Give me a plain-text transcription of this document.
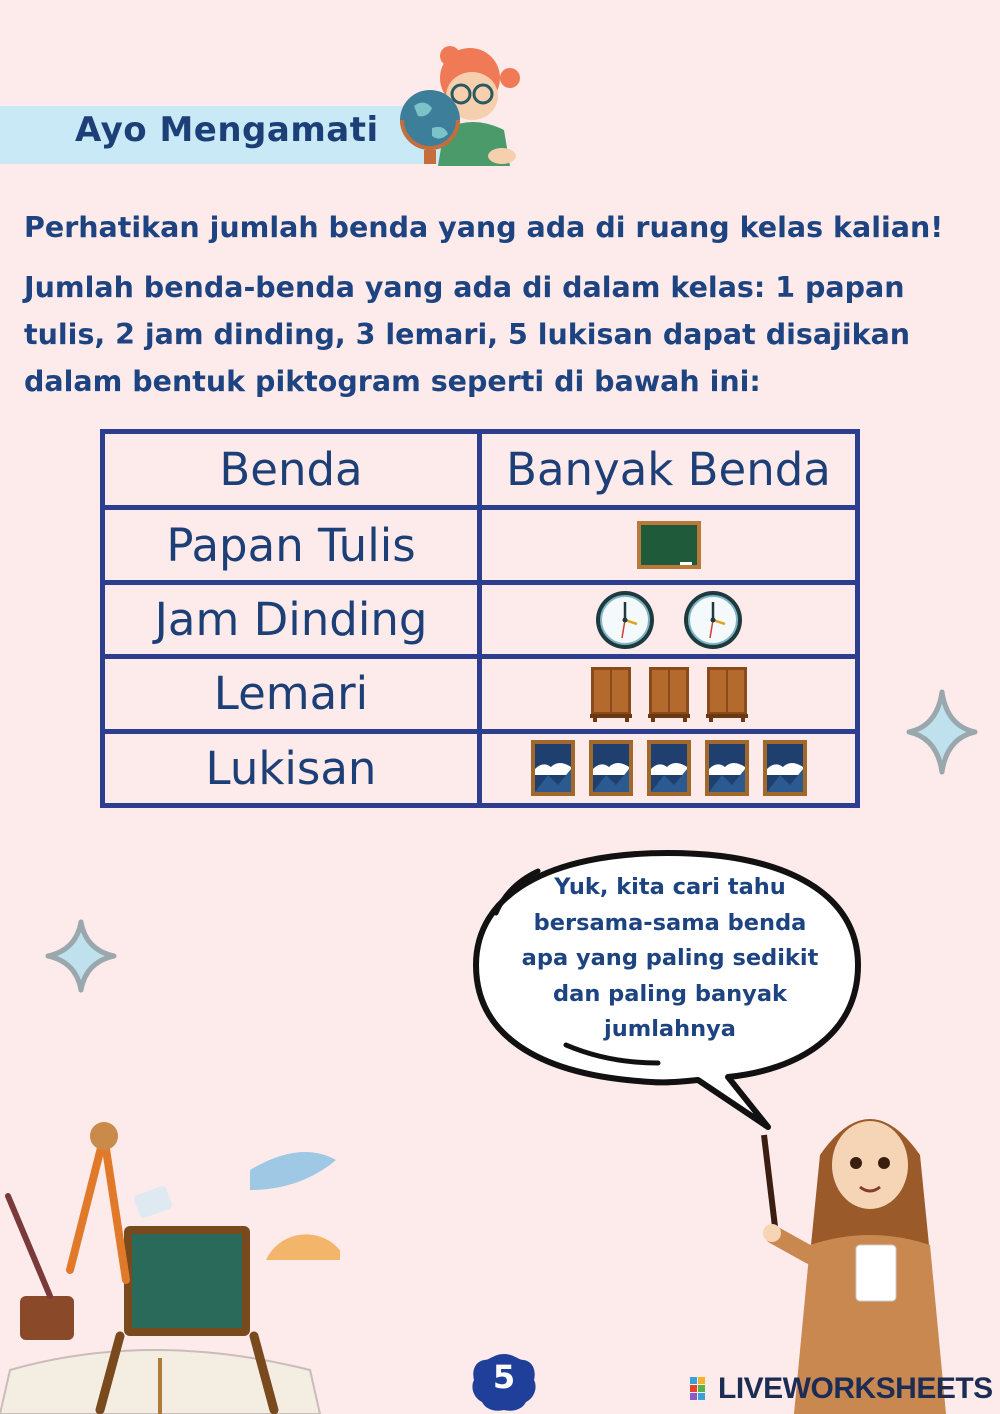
Ayo Mengamati
Perhatikan jumlah benda yang ada di ruang kelas kalian!
Jumlah benda-benda yang ada di dalam kelas: 1 papan tulis, 2 jam dinding, 3 lemari, 5 lukisan dapat disajikan dalam bentuk piktogram seperti di bawah ini:
Benda	Banyak Benda
Papan Tulis	

Jam Dinding	

Lemari	

Lukisan	
Yuk, kita cari tahu bersama-sama benda apa yang paling sedikit dan paling banyak jumlahnya
5	LIVEWORKSHEETS
